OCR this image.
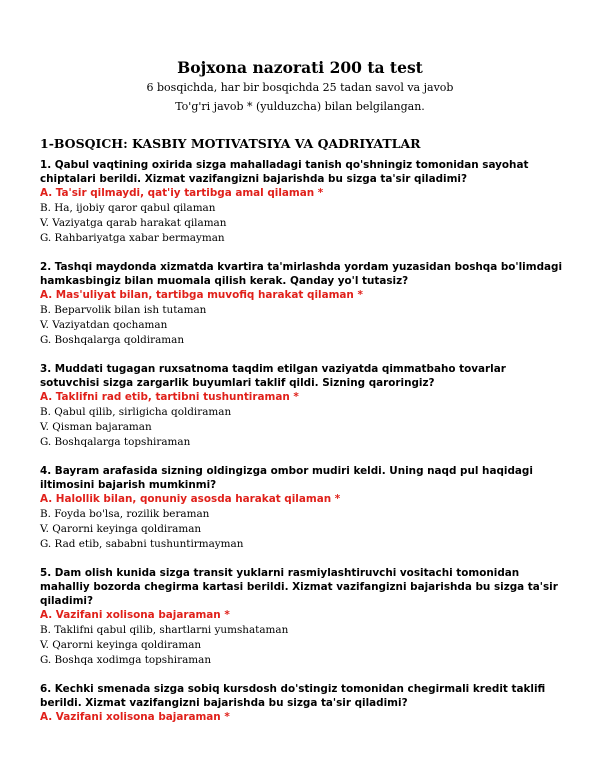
Bojxona nazorati 200 ta test
6 bosqichda, har bir bosqichda 25 tadan savol va javob
To'g'ri javob * (yulduzcha) bilan belgilangan.
1-BOSQICH: KASBIY MOTIVATSIYA VA QADRIYATLAR

1. Qabul vaqtining oxirida sizga mahalladagi tanish qo'shningiz tomonidan sayohat chiptalari berildi. Xizmat vazifangizni bajarishda bu sizga ta'sir qiladimi?

A. Ta'sir qilmaydi, qat'iy tartibga amal qilaman *

B. Ha, ijobiy qaror qabul qilaman

V. Vaziyatga qarab harakat qilaman

G. Rahbariyatga xabar bermayman

2. Tashqi maydonda xizmatda kvartira ta'mirlashda yordam yuzasidan boshqa bo'limdagi hamkasbingiz bilan muomala qilish kerak. Qanday yo'l tutasiz?

A. Mas'uliyat bilan, tartibga muvofiq harakat qilaman *

B. Beparvolik bilan ish tutaman

V. Vaziyatdan qochaman

G. Boshqalarga qoldiraman

3. Muddati tugagan ruxsatnoma taqdim etilgan vaziyatda qimmatbaho tovarlar sotuvchisi sizga zargarlik buyumlari taklif qildi. Sizning qaroringiz?

A. Taklifni rad etib, tartibni tushuntiraman *

B. Qabul qilib, sirligicha qoldiraman

V. Qisman bajaraman

G. Boshqalarga topshiraman

4. Bayram arafasida sizning oldingizga ombor mudiri keldi. Uning naqd pul haqidagi iltimosini bajarish mumkinmi?

A. Halollik bilan, qonuniy asosda harakat qilaman *

B. Foyda bo'lsa, rozilik beraman

V. Qarorni keyinga qoldiraman

G. Rad etib, sababni tushuntirmayman

5. Dam olish kunida sizga transit yuklarni rasmiylashtiruvchi vositachi tomonidan mahalliy bozorda chegirma kartasi berildi. Xizmat vazifangizni bajarishda bu sizga ta'sir qiladimi?

A. Vazifani xolisona bajaraman *

B. Taklifni qabul qilib, shartlarni yumshataman

V. Qarorni keyinga qoldiraman

G. Boshqa xodimga topshiraman

6. Kechki smenada sizga sobiq kursdosh do'stingiz tomonidan chegirmali kredit taklifi berildi. Xizmat vazifangizni bajarishda bu sizga ta'sir qiladimi?

A. Vazifani xolisona bajaraman *
